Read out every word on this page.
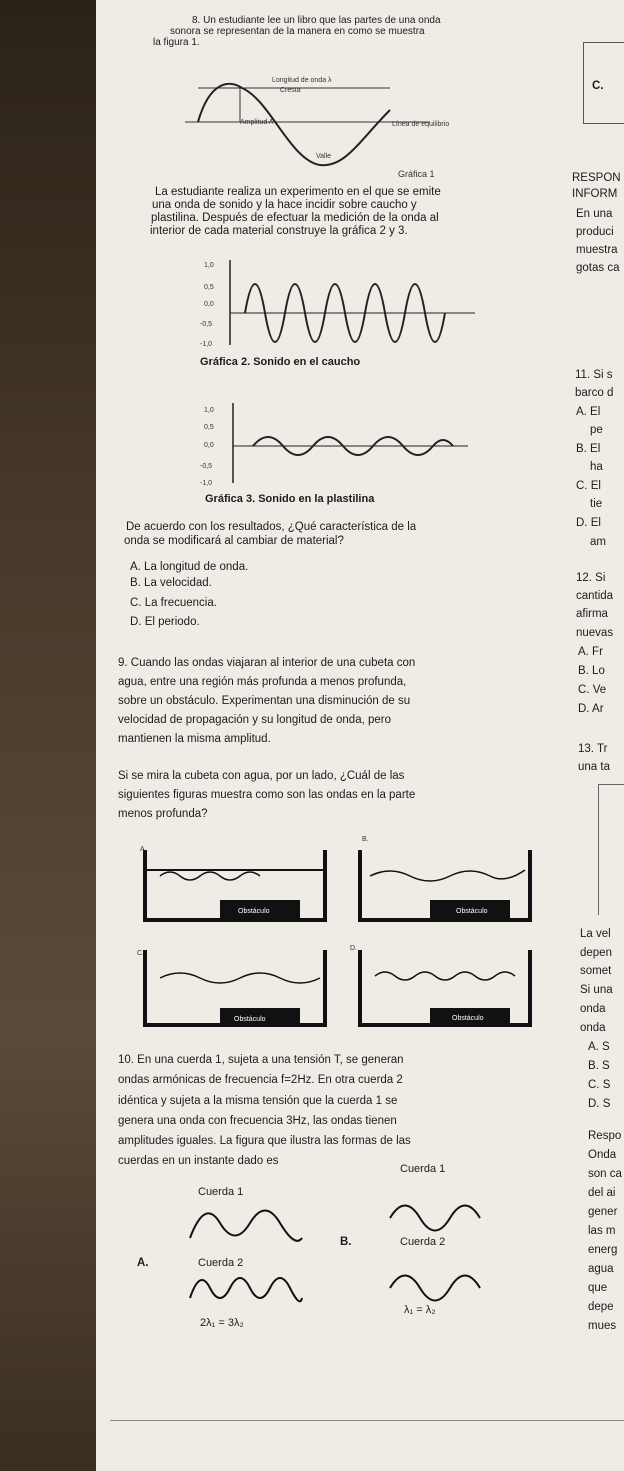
8. Un estudiante lee un libro que las partes de una onda
sonora se representan de la manera en como se muestra
la figura 1.
Longitud de onda λ
Cresta
Amplitud A	Línea de equilibrio
Valle
Gráfica 1
La estudiante realiza un experimento en el que se emite
una onda de sonido y la hace incidir sobre caucho y
plastilina. Después de efectuar la medición de la onda al
interior de cada material construye la gráfica 2 y 3.
1,0
0,5
0,0
-0,5
-1,0
Gráfica 2. Sonido en el caucho
1,0
0,5
0,0
-0,5
-1,0
Gráfica 3. Sonido en la plastilina
De acuerdo con los resultados, ¿Qué característica de la
onda se modificará al cambiar de material?
A. La longitud de onda.
B. La velocidad.
C. La frecuencia.
D. El periodo.
9. Cuando las ondas viajaran al interior de una cubeta con
agua, entre una región más profunda a menos profunda,
sobre un obstáculo. Experimentan una disminución de su
velocidad de propagación y su longitud de onda, pero
mantienen la misma amplitud.
Si se mira la cubeta con agua, por un lado, ¿Cuál de las
siguientes figuras muestra como son las ondas en la parte
menos profunda?
A.
B.
C.
D.
Obstáculo	Obstáculo
Obstáculo	Obstáculo
10. En una cuerda 1, sujeta a una tensión T, se generan
ondas armónicas de frecuencia f=2Hz. En otra cuerda 2
idéntica y sujeta a la misma tensión que la cuerda 1 se
genera una onda con frecuencia 3Hz, las ondas tienen
amplitudes iguales. La figura que ilustra las formas de las
cuerdas en un instante dado es
Cuerda 1
Cuerda 2
2λ₁ = 3λ₂
A.
Cuerda 1
Cuerda 2
λ₁ = λ₂
B.
C.
RESPON
INFORM
En una
produci
muestra
gotas ca
11. Si s
barco d
A. El
pe
B. El
ha
C. El
tie
D. El
am
12. Si
cantida
afirma
nuevas
A. Fr
B. Lo
C. Ve
D. Ar
13. Tr
una ta
La vel
depen
somet
Si una
onda
onda
A. S
B. S
C. S
D. S
Respo
Onda
son ca
del ai
gener
las m
energ
agua
que
depe
mues
